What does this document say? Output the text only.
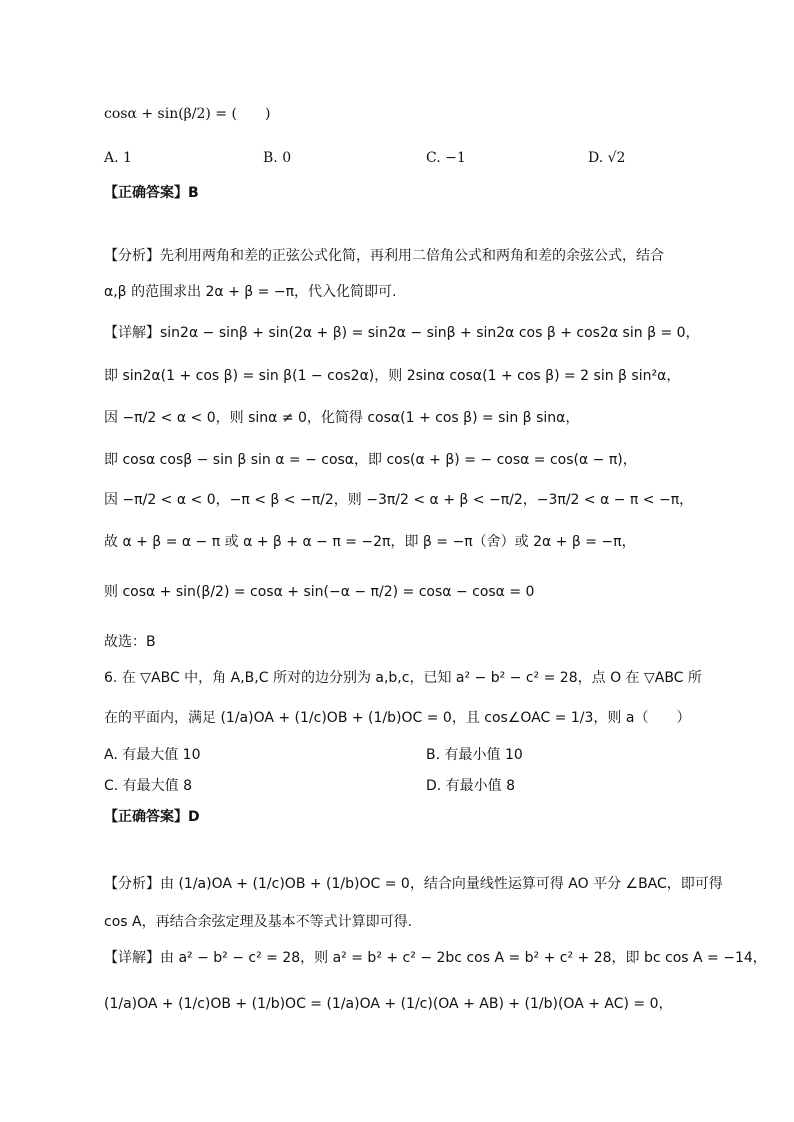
cosα + sin(β/2) = (　　)
A. 1	B. 0	C. −1	D. √2
【正确答案】B
【分析】先利用两角和差的正弦公式化简，再利用二倍角公式和两角和差的余弦公式，结合
α,β 的范围求出 2α + β = −π，代入化简即可.
【详解】sin2α − sinβ + sin(2α + β) = sin2α − sinβ + sin2α cos β + cos2α sin β = 0，
即 sin2α(1 + cos β) = sin β(1 − cos2α)，则 2sinα cosα(1 + cos β) = 2 sin β sin²α，
因 −π/2 < α < 0，则 sinα ≠ 0，化简得 cosα(1 + cos β) = sin β sinα，
即 cosα cosβ − sin β sin α = − cosα，即 cos(α + β) = − cosα = cos(α − π)，
因 −π/2 < α < 0，−π < β < −π/2，则 −3π/2 < α + β < −π/2，−3π/2 < α − π < −π，
故 α + β = α − π 或 α + β + α − π = −2π，即 β = −π（舍）或 2α + β = −π，
则 cosα + sin(β/2) = cosα + sin(−α − π/2) = cosα − cosα = 0
故选：B
6. 在 ▽ABC 中，角 A,B,C 所对的边分别为 a,b,c，已知 a² − b² − c² = 28，点 O 在 ▽ABC 所
在的平面内，满足 (1/a)OA + (1/c)OB + (1/b)OC = 0，且 cos∠OAC = 1/3，则 a（　　）
A. 有最大值 10	B. 有最小值 10
C. 有最大值 8	D. 有最小值 8
【正确答案】D
【分析】由 (1/a)OA + (1/c)OB + (1/b)OC = 0，结合向量线性运算可得 AO 平分 ∠BAC，即可得
cos A，再结合余弦定理及基本不等式计算即可得.
【详解】由 a² − b² − c² = 28，则 a² = b² + c² − 2bc cos A = b² + c² + 28，即 bc cos A = −14，
(1/a)OA + (1/c)OB + (1/b)OC = (1/a)OA + (1/c)(OA + AB) + (1/b)(OA + AC) = 0，
